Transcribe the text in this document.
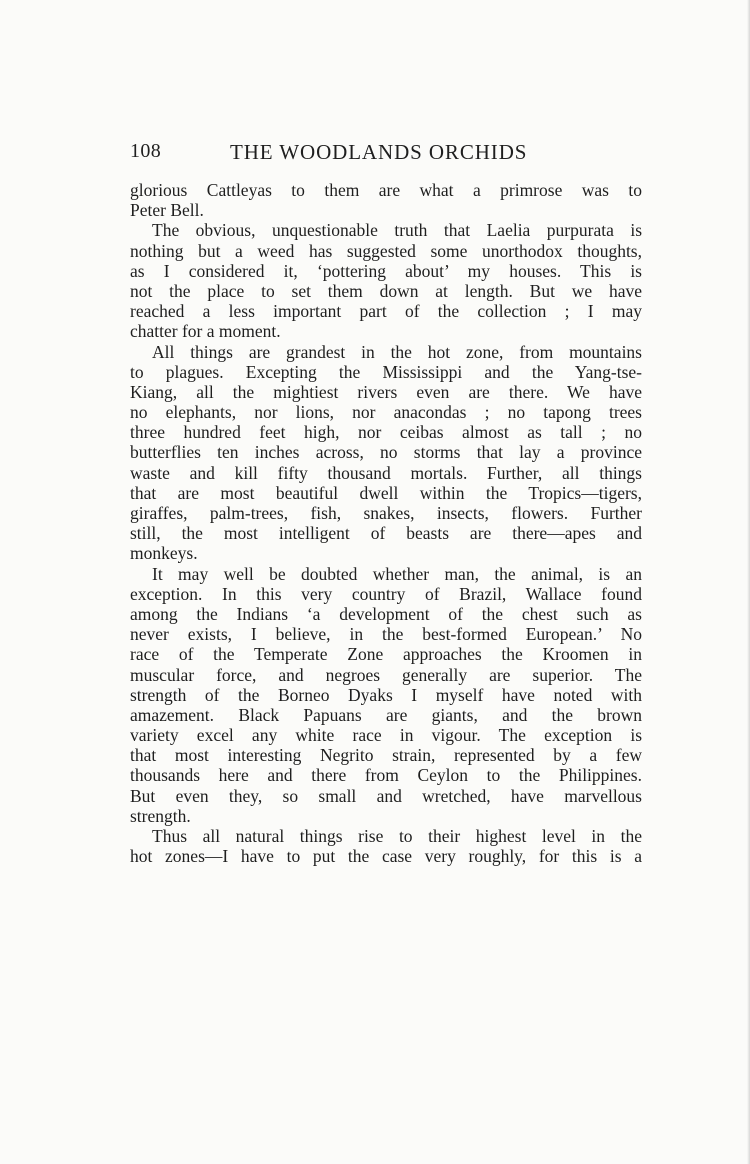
108	THE WOODLANDS ORCHIDS
glorious Cattleyas to them are what a primrose was to
Peter Bell.
The obvious, unquestionable truth that Laelia purpurata is
nothing but a weed has suggested some unorthodox thoughts,
as I considered it, ‘pottering about’ my houses. This is
not the place to set them down at length. But we have
reached a less important part of the collection ; I may
chatter for a moment.
All things are grandest in the hot zone, from mountains
to plagues. Excepting the Mississippi and the Yang-tse-
Kiang, all the mightiest rivers even are there. We have
no elephants, nor lions, nor anacondas ; no tapong trees
three hundred feet high, nor ceibas almost as tall ; no
butterflies ten inches across, no storms that lay a province
waste and kill fifty thousand mortals. Further, all things
that are most beautiful dwell within the Tropics—tigers,
giraffes, palm-trees, fish, snakes, insects, flowers. Further
still, the most intelligent of beasts are there—apes and
monkeys.
It may well be doubted whether man, the animal, is an
exception. In this very country of Brazil, Wallace found
among the Indians ‘a development of the chest such as
never exists, I believe, in the best-formed European.’ No
race of the Temperate Zone approaches the Kroomen in
muscular force, and negroes generally are superior. The
strength of the Borneo Dyaks I myself have noted with
amazement. Black Papuans are giants, and the brown
variety excel any white race in vigour. The exception is
that most interesting Negrito strain, represented by a few
thousands here and there from Ceylon to the Philippines.
But even they, so small and wretched, have marvellous
strength.
Thus all natural things rise to their highest level in the
hot zones—I have to put the case very roughly, for this is a
